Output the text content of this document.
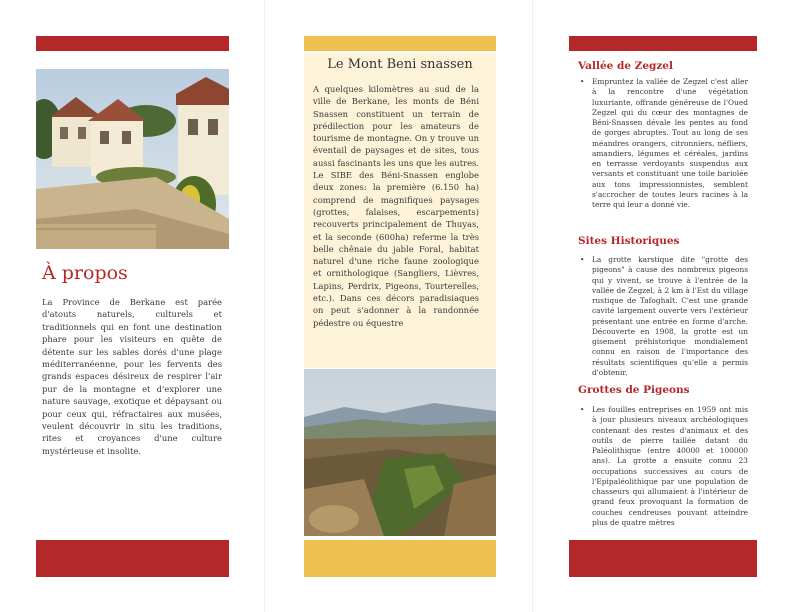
À propos

La Province de Berkane est parée d'atouts naturels, culturels et traditionnels qui en font une destination phare pour les visiteurs en quête de détente sur les sables dorés d'une plage méditerranéenne, pour les fervents des grands espaces désireux de respirer l'air pur de la montagne et d'explorer une nature sauvage, exotique et dépaysant ou pour ceux qui, réfractaires aux musées, veulent découvrir in situ les traditions, rites et croyances d'une culture mystérieuse et insolite.

Le Mont Beni snassen

A quelques kilomètres au sud de la ville de Berkane, les monts de Béni Snassen constituent un terrain de prédilection pour les amateurs de tourisme de montagne. On y trouve un éventail de paysages et de sites, tous aussi fascinants les uns que les autres. Le SIBE des Béni-Snassen englobe deux zones: la première (6.150 ha) comprend de magnifiques paysages (grottes, falaises, escarpements) recouverts principalement de Thuyas, et la seconde (600ha) referme la très belle chênaie du jable Foral, habitat naturel d'une riche faune zoologique et ornithologique (Sangliers, Lièvres, Lapins, Perdrix, Pigeons, Tourterelles, etc.). Dans ces décors paradisiaques on peut s'adonner à la randonnée pédestre ou équestre

Vallée de Zegzel
• Empruntez la vallée de Zegzel c'est aller à la rencontre d'une végétation luxuriante, offrande généreuse de l'Oued Zegzel qui du cœur des montagnes de Béni-Snassen dévale les pentes au fond de gorges abruptes. Tout au long de ses méandres orangers, citronniers, néfliers, amandiers, légumes et céréales, jardins en terrasse verdoyants suspendus aux versants et constituant une toile bariolée aux tons impressionnistes, semblent s'accrocher de toutes leurs racines à la terre qui leur a donné vie.
Sites Historiques
• La grotte karstique dite "grotte des pigeons" à cause des nombreux pigeons qui y vivent, se trouve à l'entrée de la vallée de Zegzel, à 2 km à l'Est du village rustique de Tafoghalt. C'est une grande cavité largement ouverte vers l'extérieur présentant une entrée en forme d'arche. Découverte en 1908, la grotte est un gisement préhistorique mondialement connu en raison de l'importance des résultats scientifiques qu'elle a permis d'obtenir.
Grottes de Pigeons
• Les fouilles entreprises en 1959 ont mis à jour plusieurs niveaux archéologiques contenant des restes d'animaux et des outils de pierre taillée datant du Paléolithique (entre 40000 et 100000 ans). La grotte a ensuite connu 23 occupations successives au cours de l'Epipaléolithique par une population de chasseurs qui allumaient à l'intérieur de grand feux provoquant la formation de couches cendreuses pouvant atteindre plus de quatre mètres
